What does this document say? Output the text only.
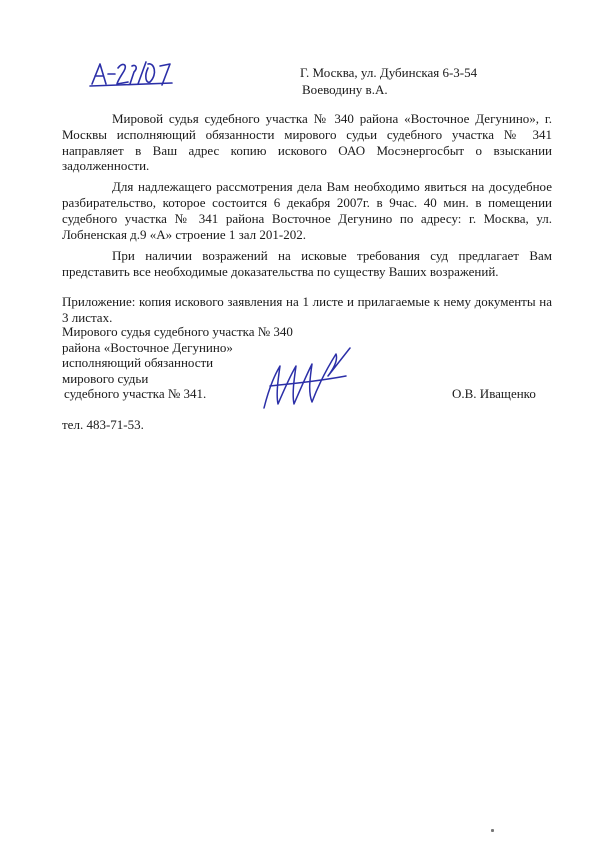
Г. Москва, ул. Дубинская 6-3-54
Воеводину в.А.

Мировой судья судебного участка № 340 района «Восточное Дегунино», г. Москвы исполняющий обязанности мирового судьи судебного участка № 341 направляет в Ваш адрес копию искового ОАО Мосэнергосбыт о взыскании задолженности.

Для надлежащего рассмотрения дела Вам необходимо явиться на досудебное разбирательство, которое состоится 6 декабря 2007г. в 9час. 40 мин. в помещении судебного участка № 341 района Восточное Дегунино по адресу: г. Москва, ул. Лобненская д.9 «А» строение 1 зал 201-202.

При наличии возражений на исковые требования суд предлагает Вам представить все необходимые доказательства по существу Ваших возражений.

Приложение: копия искового заявления на 1 листе и прилагаемые к нему документы на 3 листах.

Мирового судья судебного участка № 340
района «Восточное Дегунино»
исполняющий обязанности
мирового судьи
судебного участка № 341.	О.В. Иващенко
тел. 483-71-53.
